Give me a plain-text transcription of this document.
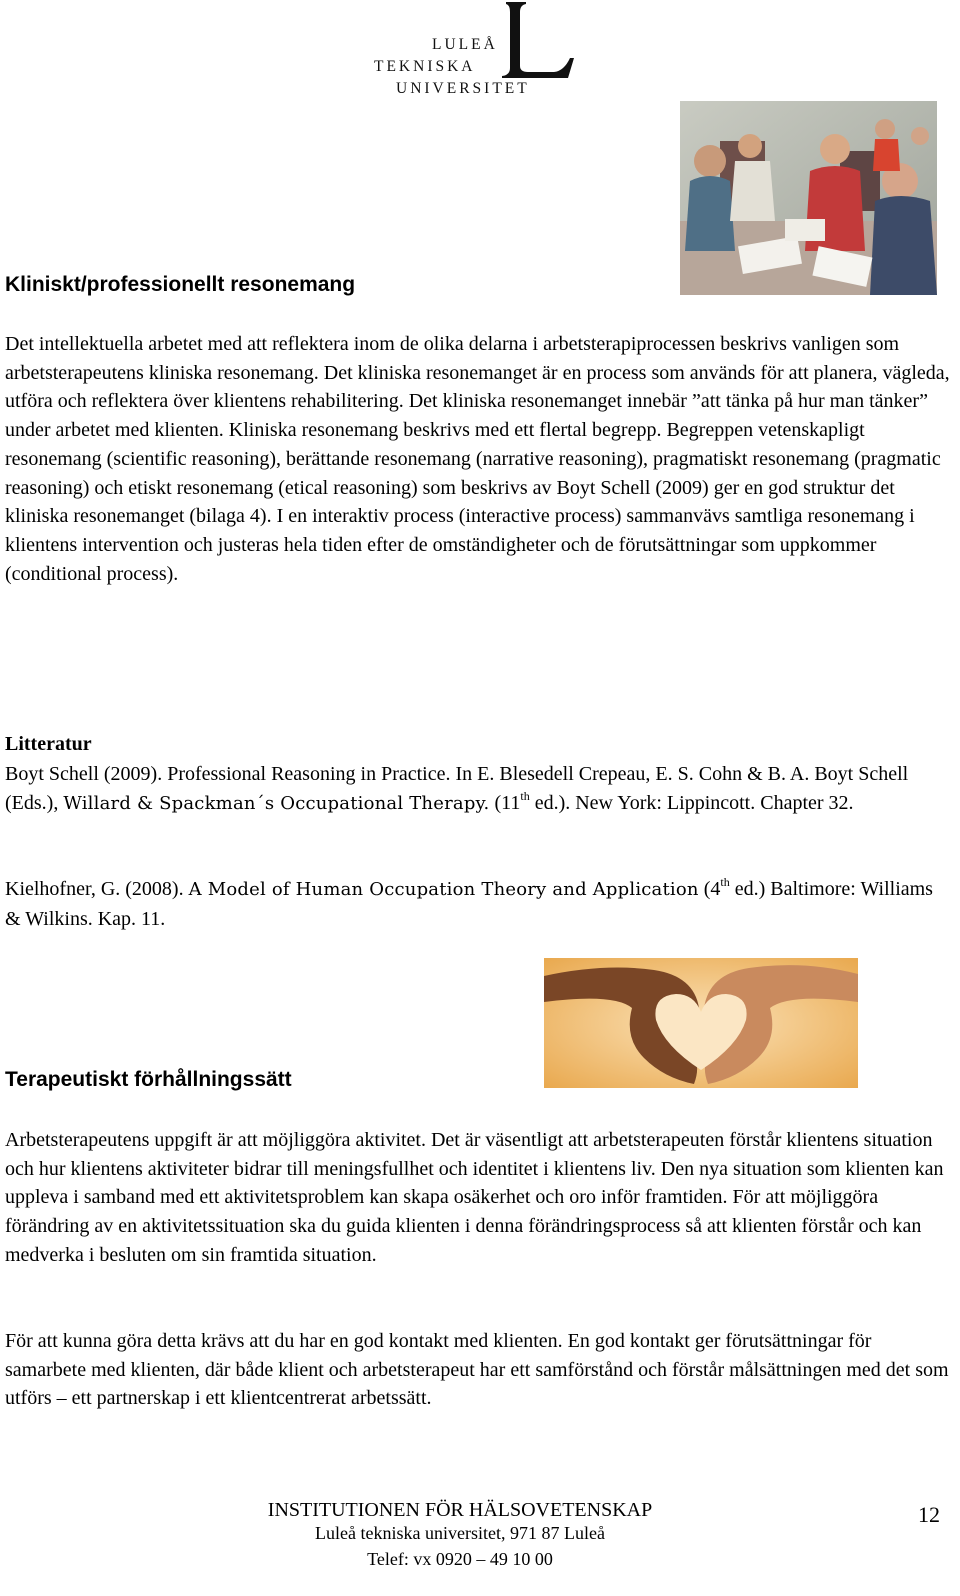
LULEÅ
TEKNISKA
UNIVERSITET
Kliniskt/professionellt resonemang

Det intellektuella arbetet med att reflektera inom de olika delarna i arbetsterapiprocessen beskrivs vanligen som arbetsterapeutens kliniska resonemang. Det kliniska resonemanget är en process som används för att planera, vägleda, utföra och reflektera över klientens rehabilitering. Det kliniska resonemanget innebär ”att tänka på hur man tänker” under arbetet med klienten. Kliniska resonemang beskrivs med ett flertal begrepp. Begreppen vetenskapligt resonemang (scientific reasoning), berättande resonemang (narrative reasoning), pragmatiskt resonemang (pragmatic reasoning) och etiskt resonemang (etical reasoning) som beskrivs av Boyt Schell (2009) ger en god struktur det kliniska resonemanget (bilaga 4). I en interaktiv process (interactive process) sammanvävs samtliga resonemang i klientens intervention och justeras hela tiden efter de omständigheter och de förutsättningar som uppkommer (conditional process).

Litteratur

Boyt Schell (2009). Professional Reasoning in Practice. In E. Blesedell Crepeau, E. S. Cohn & B. A. Boyt Schell (Eds.), Willard & Spackman´s Occupational Therapy. (11th ed.). New York: Lippincott. Chapter 32.

Kielhofner, G. (2008). A Model of Human Occupation Theory and Application (4th ed.) Baltimore: Williams & Wilkins. Kap. 11.

Terapeutiskt förhållningssätt

Arbetsterapeutens uppgift är att möjliggöra aktivitet. Det är väsentligt att arbetsterapeuten förstår klientens situation och hur klientens aktiviteter bidrar till meningsfullhet och identitet i klientens liv. Den nya situation som klienten kan uppleva i samband med ett aktivitetsproblem kan skapa osäkerhet och oro inför framtiden. För att möjliggöra förändring av en aktivitetssituation ska du guida klienten i denna förändringsprocess så att klienten förstår och kan medverka i besluten om sin framtida situation.

För att kunna göra detta krävs att du har en god kontakt med klienten. En god kontakt ger förutsättningar för samarbete med klienten, där både klient och arbetsterapeut har ett samförstånd och förstår målsättningen med det som utförs – ett partnerskap i ett klientcentrerat arbetssätt.

INSTITUTIONEN FÖR HÄLSOVETENSKAP
Luleå tekniska universitet, 971 87 Luleå
Telef: vx 0920 – 49 10 00
12
